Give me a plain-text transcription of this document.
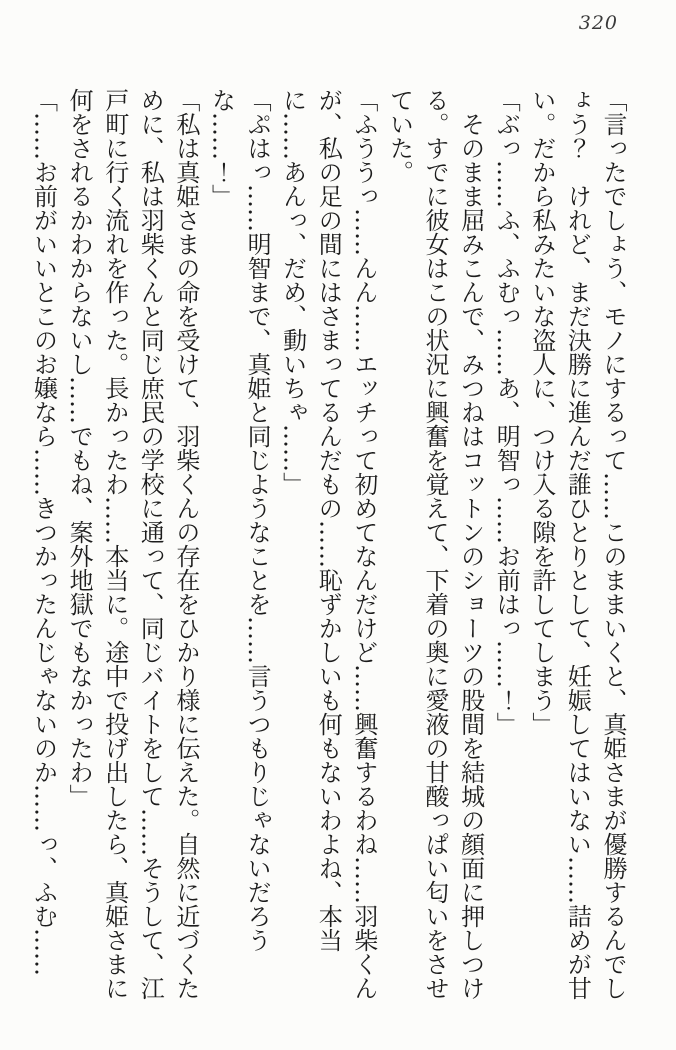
320

「言ったでしょう、モノにするって……このままいくと、真姫さまが優勝するんでしょう？　けれど、まだ決勝に進んだ誰ひとりとして、妊娠してはいない……詰めが甘い。だから私みたいな盗人に、つけ入る隙を許してしまう」

「ぶっ……ふ、ふむっ……あ、明智っ……お前はっ……！」

　そのまま屈みこんで、みつねはコットンのショーツの股間を結城の顔面に押しつける。すでに彼女はこの状況に興奮を覚えて、下着の奥に愛液の甘酸っぱい匂いをさせていた。

「ふううっ……んん……エッチって初めてなんだけど……興奮するわね……羽柴くんが、私の足の間にはさまってるんだもの……恥ずかしいも何もないわよね、本当に……あんっ、だめ、動いちゃ……」

「ぷはっ……明智まで、真姫と同じようなことを……言うつもりじゃないだろうな……！」

「私は真姫さまの命を受けて、羽柴くんの存在をひかり様に伝えた。自然に近づくために、私は羽柴くんと同じ庶民の学校に通って、同じバイトをして……そうして、江戸町に行く流れを作った。長かったわ……本当に。途中で投げ出したら、真姫さまに何をされるかわからないし……でもね、案外地獄でもなかったわ」

「……お前がいいとこのお嬢なら……きつかったんじゃないのか……っ、ふむ……
